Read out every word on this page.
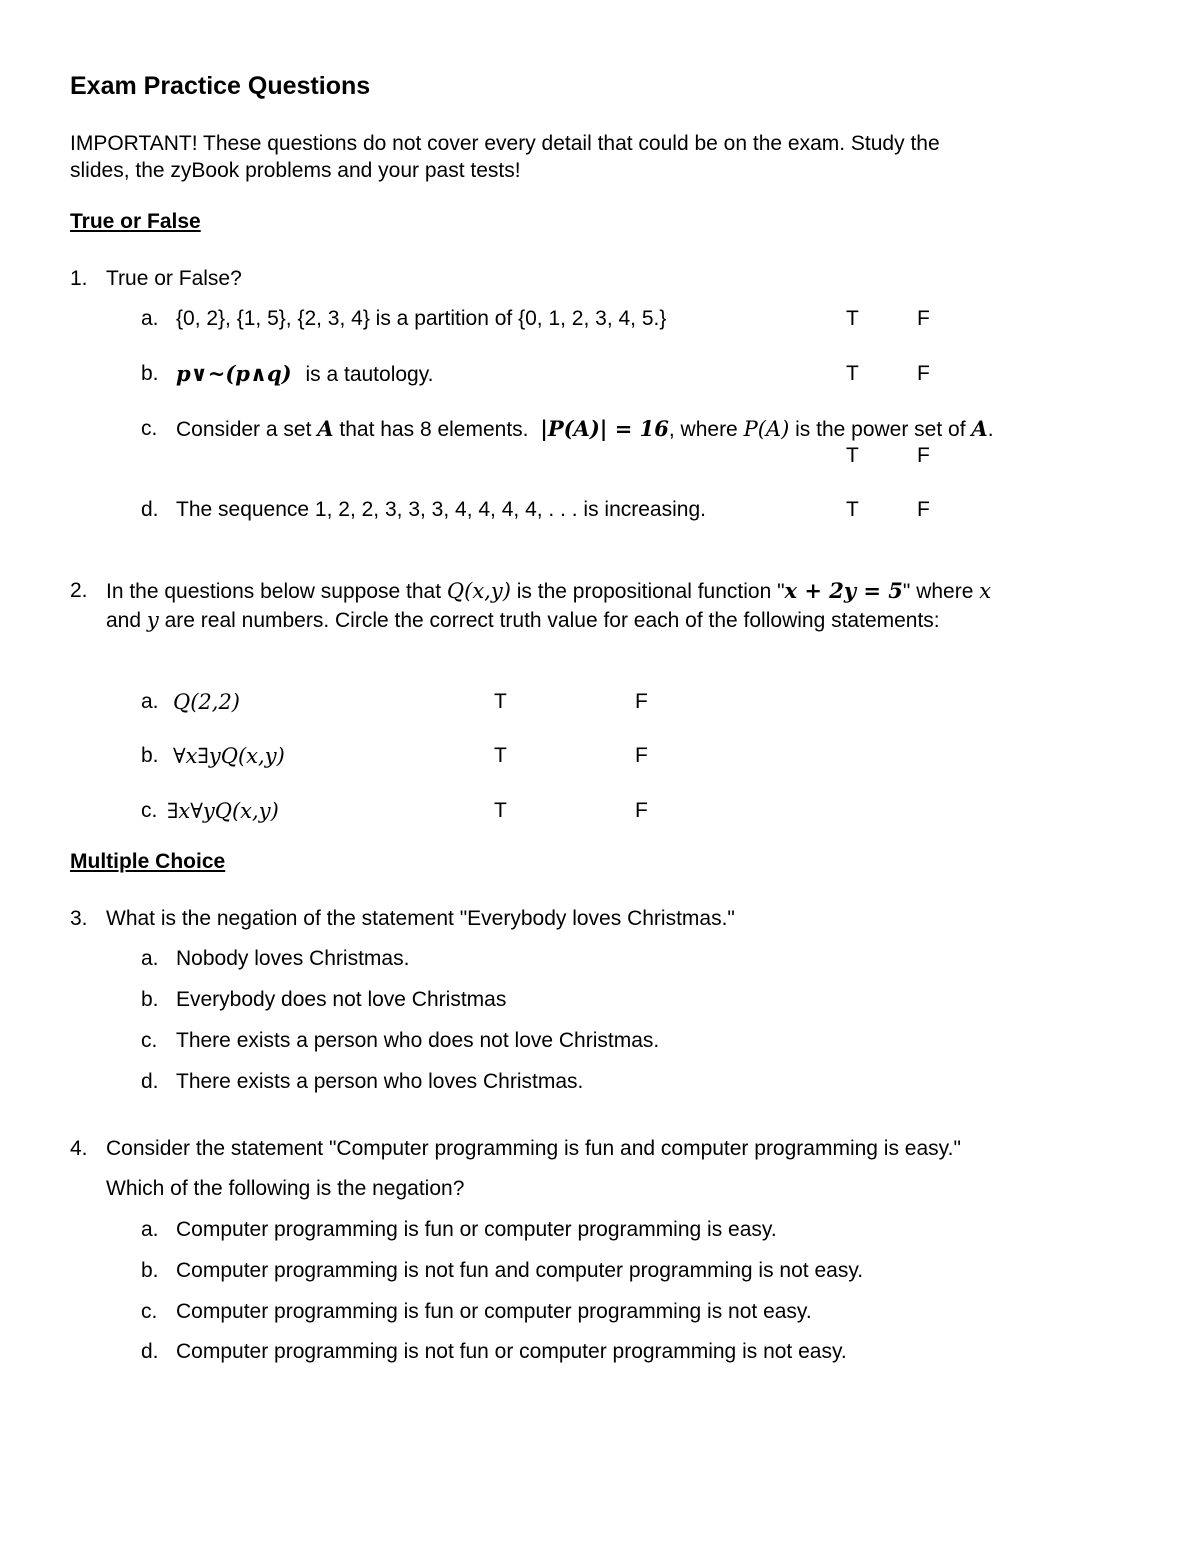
Exam Practice Questions
IMPORTANT! These questions do not cover every detail that could be on the exam. Study the
slides, the zyBook problems and your past tests!
True or False
1. True or False?
a. {0, 2}, {1, 5}, {2, 3, 4} is a partition of {0, 1, 2, 3, 4, 5.}	T	F
b. p∨~(p∧q) is a tautology.	T	F
c. Consider a set A that has 8 elements. |P(A)| = 16, where P(A) is the power set of A.
T	F
d. The sequence 1, 2, 2, 3, 3, 3, 4, 4, 4, 4, . . . is increasing.	T	F
2. In the questions below suppose that Q(x,y) is the propositional function "x + 2y = 5" where x
and y are real numbers. Circle the correct truth value for each of the following statements:
a. Q(2,2)	T	F
b. ∀x∃yQ(x,y)	T	F
c. ∃x∀yQ(x,y)	T	F
Multiple Choice
3. What is the negation of the statement "Everybody loves Christmas."
a. Nobody loves Christmas.
b. Everybody does not love Christmas
c. There exists a person who does not love Christmas.
d. There exists a person who loves Christmas.
4. Consider the statement "Computer programming is fun and computer programming is easy."
Which of the following is the negation?
a. Computer programming is fun or computer programming is easy.
b. Computer programming is not fun and computer programming is not easy.
c. Computer programming is fun or computer programming is not easy.
d. Computer programming is not fun or computer programming is not easy.
